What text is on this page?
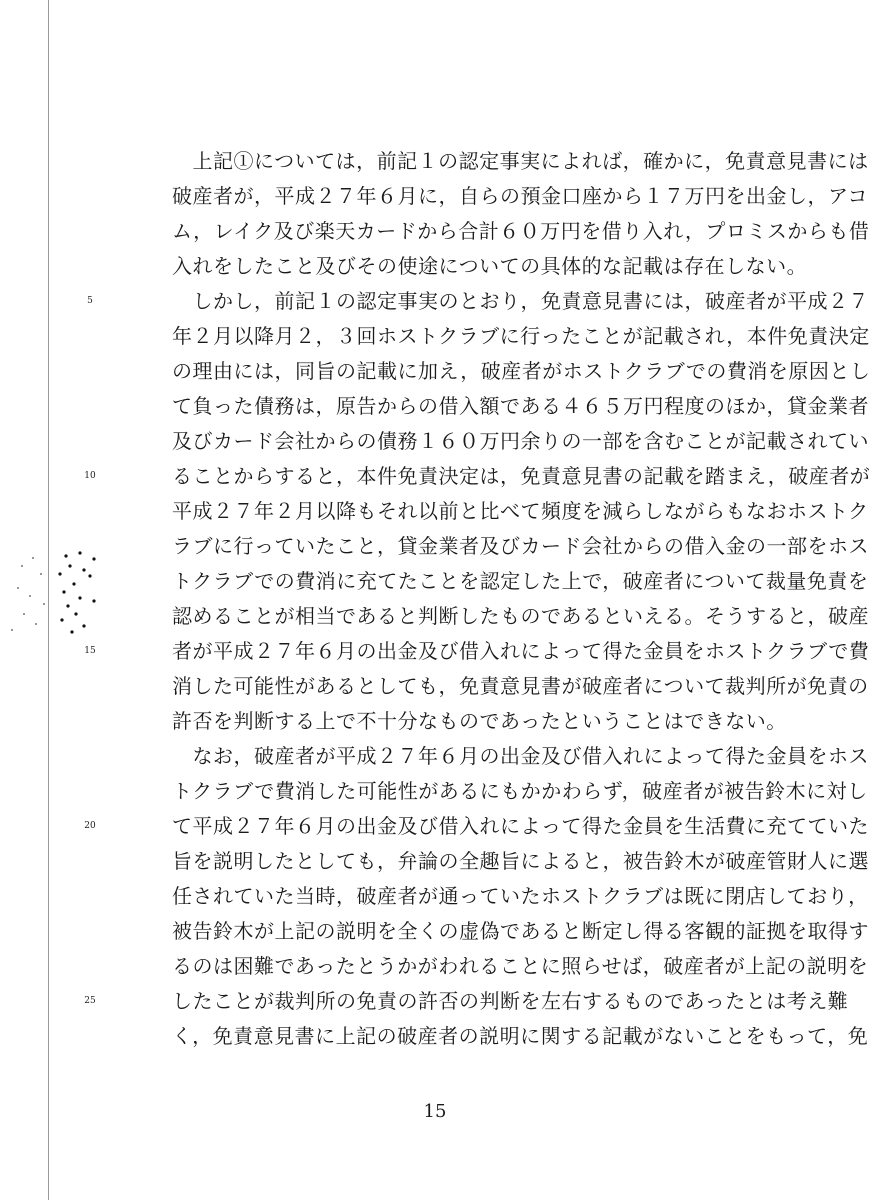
　上記①については，前記１の認定事実によれば，確かに，免責意見書には
破産者が，平成２７年６月に，自らの預金口座から１７万円を出金し，アコ
ム，レイク及び楽天カードから合計６０万円を借り入れ，プロミスからも借
入れをしたこと及びその使途についての具体的な記載は存在しない。
　しかし，前記１の認定事実のとおり，免責意見書には，破産者が平成２７
年２月以降月２，３回ホストクラブに行ったことが記載され，本件免責決定
の理由には，同旨の記載に加え，破産者がホストクラブでの費消を原因とし
て負った債務は，原告からの借入額である４６５万円程度のほか，貸金業者
及びカード会社からの債務１６０万円余りの一部を含むことが記載されてい
ることからすると，本件免責決定は，免責意見書の記載を踏まえ，破産者が
平成２７年２月以降もそれ以前と比べて頻度を減らしながらもなおホストク
ラブに行っていたこと，貸金業者及びカード会社からの借入金の一部をホス
トクラブでの費消に充てたことを認定した上で，破産者について裁量免責を
認めることが相当であると判断したものであるといえる。そうすると，破産
者が平成２７年６月の出金及び借入れによって得た金員をホストクラブで費
消した可能性があるとしても，免責意見書が破産者について裁判所が免責の
許否を判断する上で不十分なものであったということはできない。
　なお，破産者が平成２７年６月の出金及び借入れによって得た金員をホス
トクラブで費消した可能性があるにもかかわらず，破産者が被告鈴木に対し
て平成２７年６月の出金及び借入れによって得た金員を生活費に充てていた
旨を説明したとしても，弁論の全趣旨によると，被告鈴木が破産管財人に選
任されていた当時，破産者が通っていたホストクラブは既に閉店しており，
被告鈴木が上記の説明を全くの虚偽であると断定し得る客観的証拠を取得す
るのは困難であったとうかがわれることに照らせば，破産者が上記の説明を
したことが裁判所の免責の許否の判断を左右するものであったとは考え難
く，免責意見書に上記の破産者の説明に関する記載がないことをもって，免
5
10
15
20
25
15
